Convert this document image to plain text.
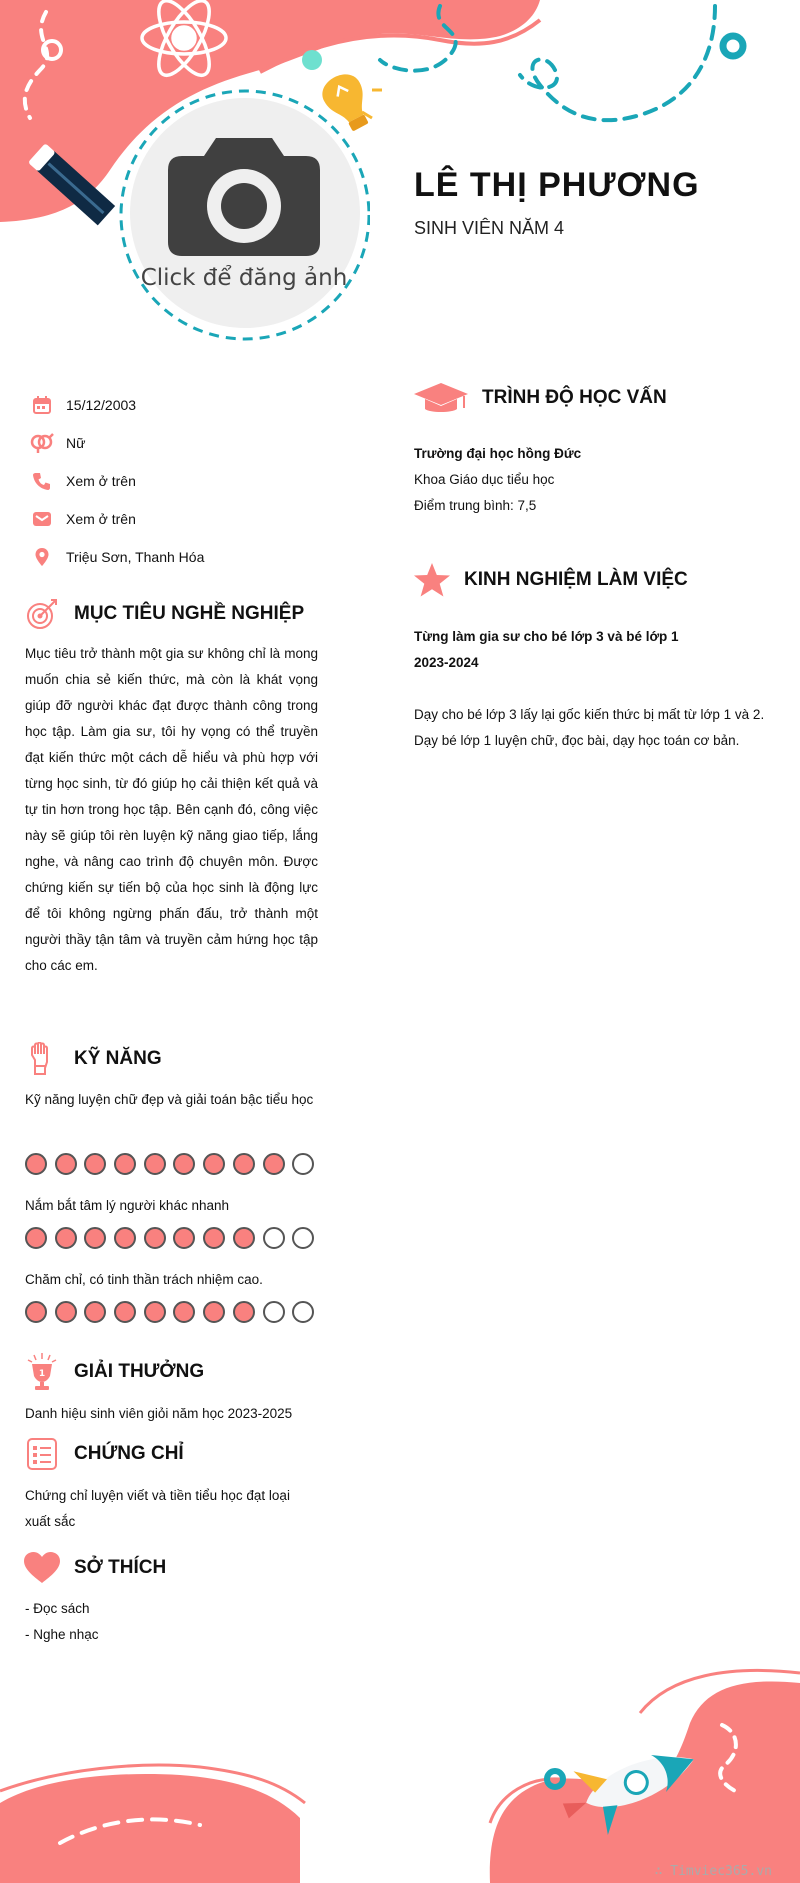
Click để đăng ảnh
LÊ THỊ PHƯƠNG
SINH VIÊN NĂM 4
15/12/2003
Nữ
Xem ở trên
Xem ở trên
Triệu Sơn, Thanh Hóa
MỤC TIÊU NGHỀ NGHIỆP
Mục tiêu trở thành một gia sư không chỉ là mong muốn chia sẻ kiến thức, mà còn là khát vọng giúp đỡ người khác đạt được thành công trong học tập. Làm gia sư, tôi hy vọng có thể truyền đạt kiến thức một cách dễ hiểu và phù hợp với từng học sinh, từ đó giúp họ cải thiện kết quả và tự tin hơn trong học tập. Bên cạnh đó, công việc này sẽ giúp tôi rèn luyện kỹ năng giao tiếp, lắng nghe, và nâng cao trình độ chuyên môn. Được chứng kiến sự tiến bộ của học sinh là động lực để tôi không ngừng phấn đấu, trở thành một người thầy tận tâm và truyền cảm hứng học tập cho các em.
KỸ NĂNG
Kỹ năng luyện chữ đẹp và giải toán bậc tiểu học
Nắm bắt tâm lý người khác nhanh
Chăm chỉ, có tinh thần trách nhiệm cao.
1 GIẢI THƯỞNG
Danh hiệu sinh viên giỏi năm học 2023-2025
CHỨNG CHỈ
Chứng chỉ luyện viết và tiền tiểu học đạt loại xuất sắc
SỞ THÍCH
- Đọc sách
- Nghe nhạc
TRÌNH ĐỘ HỌC VẤN
Trường đại học hồng Đức
Khoa Giáo dục tiểu học
Điểm trung bình: 7,5
KINH NGHIỆM LÀM VIỆC
Từng làm gia sư cho bé lớp 3 và bé lớp 1
2023-2024
Dạy cho bé lớp 3 lấy lại gốc kiến thức bị mất từ lớp 1 và 2.
Dạy bé lớp 1 luyện chữ, đọc bài, dạy học toán cơ bản.
∴ Timviec365.vn
